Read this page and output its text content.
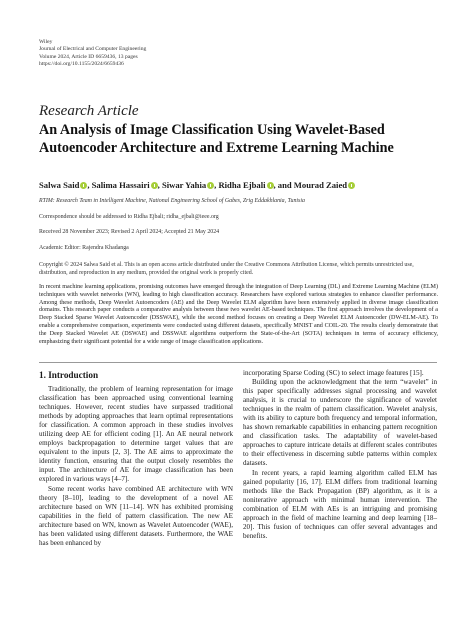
Wiley
Journal of Electrical and Computer Engineering
Volume 2024, Article ID 6659436, 13 pages
https://doi.org/10.1155/2024/6659436
Research Article
An Analysis of Image Classification Using Wavelet-Based Autoencoder Architecture and Extreme Learning Machine
Salwa Said , Salima Hassairi , Siwar Yahia , Ridha Ejbali , and Mourad Zaied
RTIM: Research Team in Intelligent Machine, National Engineering School of Gabes, Zrig Eddakhlania, Tunisia
Correspondence should be addressed to Ridha Ejbali; ridha_ejbali@ieee.org
Received 28 November 2023; Revised 2 April 2024; Accepted 21 May 2024
Academic Editor: Rajendra Khadanga
Copyright © 2024 Salwa Said et al. This is an open access article distributed under the Creative Commons Attribution License, which permits unrestricted use, distribution, and reproduction in any medium, provided the original work is properly cited.
In recent machine learning applications, promising outcomes have emerged through the integration of Deep Learning (DL) and Extreme Learning Machine (ELM) techniques with wavelet networks (WN), leading to high classification accuracy. Researchers have explored various strategies to enhance classifier performance. Among these methods, Deep Wavelet Autoencoders (AE) and the Deep Wavelet ELM algorithm have been extensively applied in diverse image classification domains. This research paper conducts a comparative analysis between these two wavelet AE-based techniques. The first approach involves the development of a Deep Stacked Sparse Wavelet Autoencoder (DSSWAE), while the second method focuses on creating a Deep Wavelet ELM Autoencoder (DW-ELM-AE). To enable a comprehensive comparison, experiments were conducted using different datasets, specifically MNIST and COIL-20. The results clearly demonstrate that the Deep Stacked Wavelet AE (DSWAE) and DSSWAE algorithms outperform the State-of-the-Art (SOTA) techniques in terms of accuracy efficiency, emphasizing their significant potential for a wide range of image classification applications.
1. Introduction

Traditionally, the problem of learning representation for image classification has been approached using conventional learning techniques. However, recent studies have surpassed traditional methods by adopting approaches that learn optimal representations for classification. A common approach in these studies involves utilizing deep AE for efficient coding [1]. An AE neural network employs backpropagation to determine target values that are equivalent to the inputs [2, 3]. The AE aims to approximate the identity function, ensuring that the output closely resembles the input. The architecture of AE for image classification has been explored in various ways [4–7].

Some recent works have combined AE architecture with WN theory [8–10], leading to the development of a novel AE architecture based on WN [11–14]. WN has exhibited promising capabilities in the field of pattern classification. The new AE architecture based on WN, known as Wavelet Autoencoder (WAE), has been validated using different datasets. Furthermore, the WAE has been enhanced by

incorporating Sparse Coding (SC) to select image features [15].

Building upon the acknowledgment that the term “wavelet” in this paper specifically addresses signal processing and wavelet analysis, it is crucial to underscore the significance of wavelet techniques in the realm of pattern classification. Wavelet analysis, with its ability to capture both frequency and temporal information, has shown remarkable capabilities in enhancing pattern recognition and classification tasks. The adaptability of wavelet-based approaches to capture intricate details at different scales contributes to their effectiveness in discerning subtle patterns within complex datasets.

In recent years, a rapid learning algorithm called ELM has gained popularity [16, 17]. ELM differs from traditional learning methods like the Back Propagation (BP) algorithm, as it is a noniterative approach with minimal human intervention. The combination of ELM with AEs is an intriguing and promising approach in the field of machine learning and deep learning [18–20]. This fusion of techniques can offer several advantages and benefits.
